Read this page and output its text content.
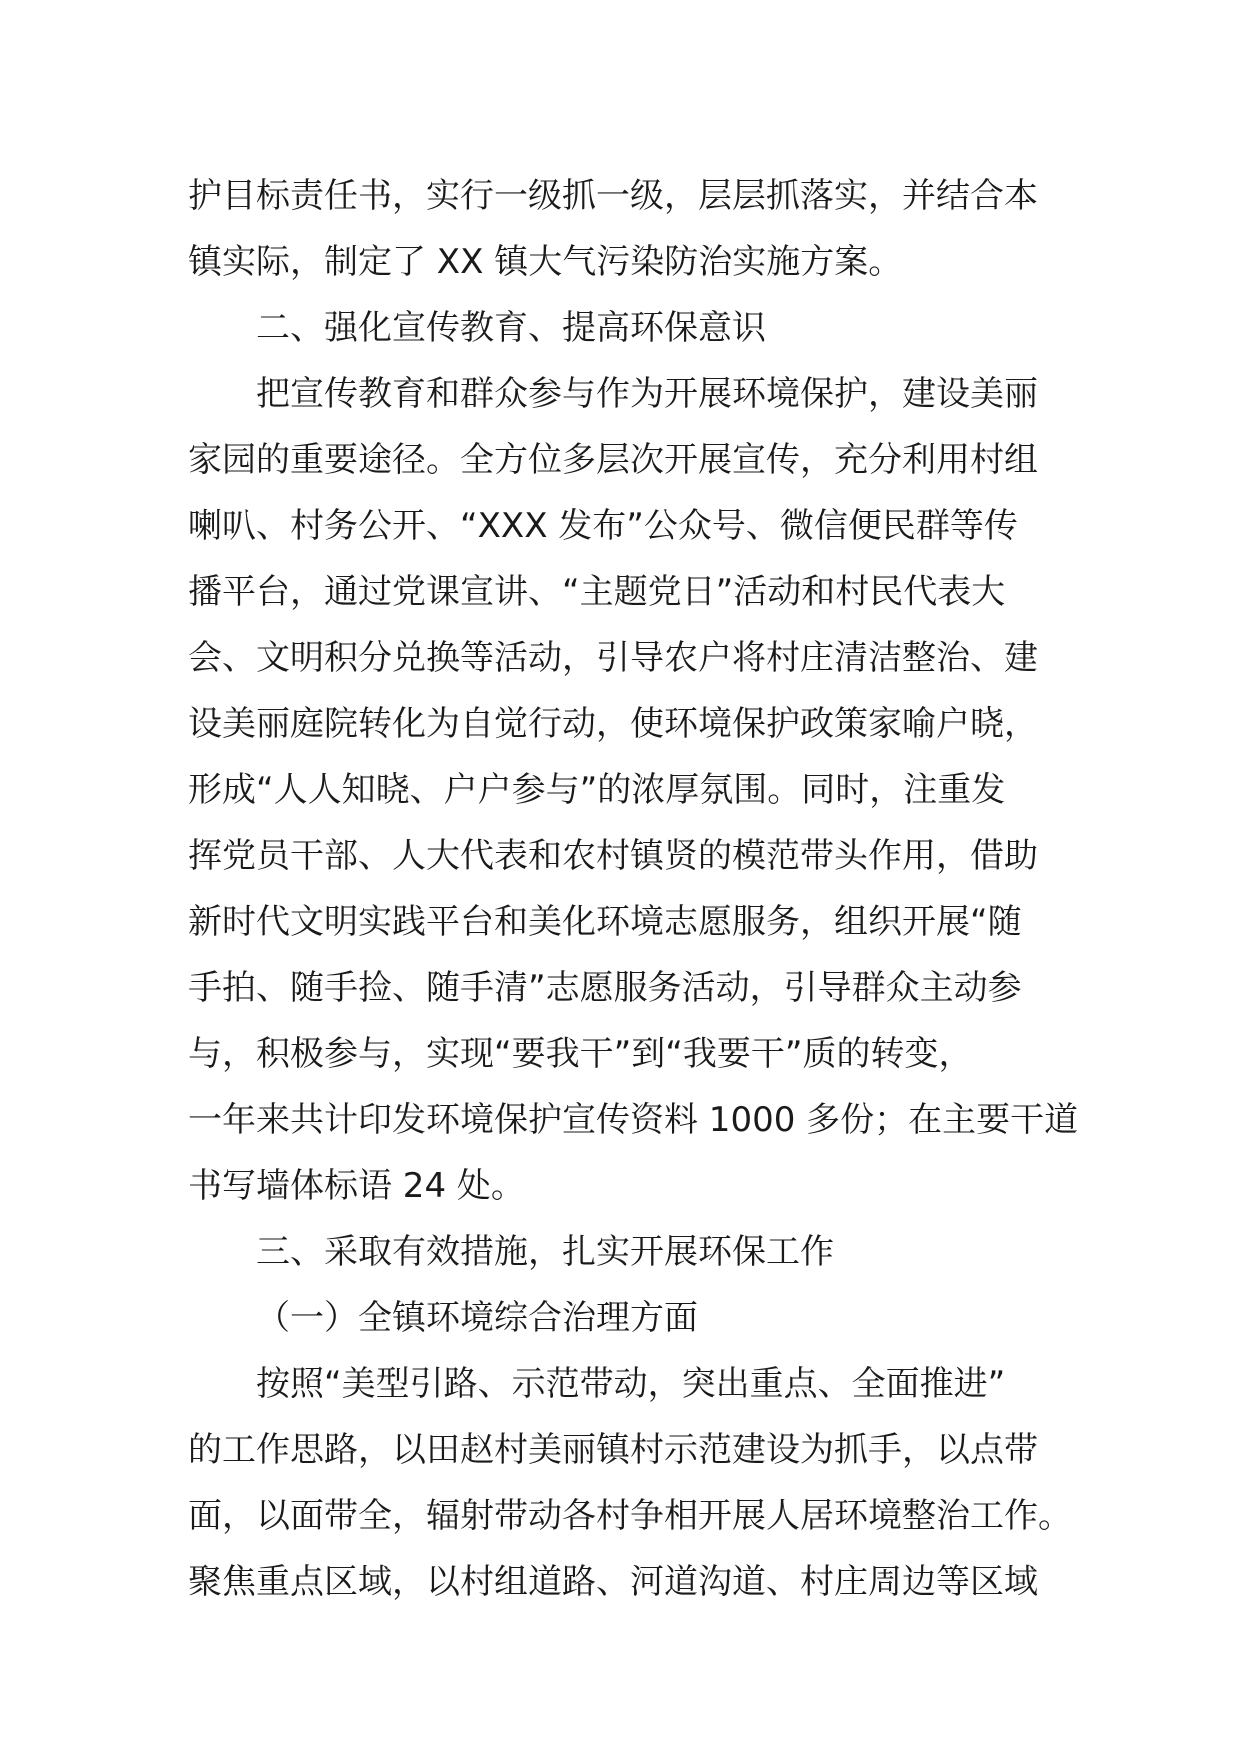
护目标责任书，实行一级抓一级，层层抓落实，并结合本
镇实际，制定了 XX 镇大气污染防治实施方案。
二、强化宣传教育、提高环保意识
把宣传教育和群众参与作为开展环境保护，建设美丽
家园的重要途径。全方位多层次开展宣传，充分利用村组
喇叭、村务公开、“XXX 发布”公众号、微信便民群等传
播平台，通过党课宣讲、“主题党日”活动和村民代表大
会、文明积分兑换等活动，引导农户将村庄清洁整治、建
设美丽庭院转化为自觉行动，使环境保护政策家喻户晓，
形成“人人知晓、户户参与”的浓厚氛围。同时，注重发
挥党员干部、人大代表和农村镇贤的模范带头作用，借助
新时代文明实践平台和美化环境志愿服务，组织开展“随
手拍、随手捡、随手清”志愿服务活动，引导群众主动参
与，积极参与，实现“要我干”到“我要干”质的转变，
一年来共计印发环境保护宣传资料 1000 多份；在主要干道
书写墙体标语 24 处。
三、采取有效措施，扎实开展环保工作
（一）全镇环境综合治理方面
按照“美型引路、示范带动，突出重点、全面推进”
的工作思路，以田赵村美丽镇村示范建设为抓手，以点带
面，以面带全，辐射带动各村争相开展人居环境整治工作。
聚焦重点区域，以村组道路、河道沟道、村庄周边等区域
